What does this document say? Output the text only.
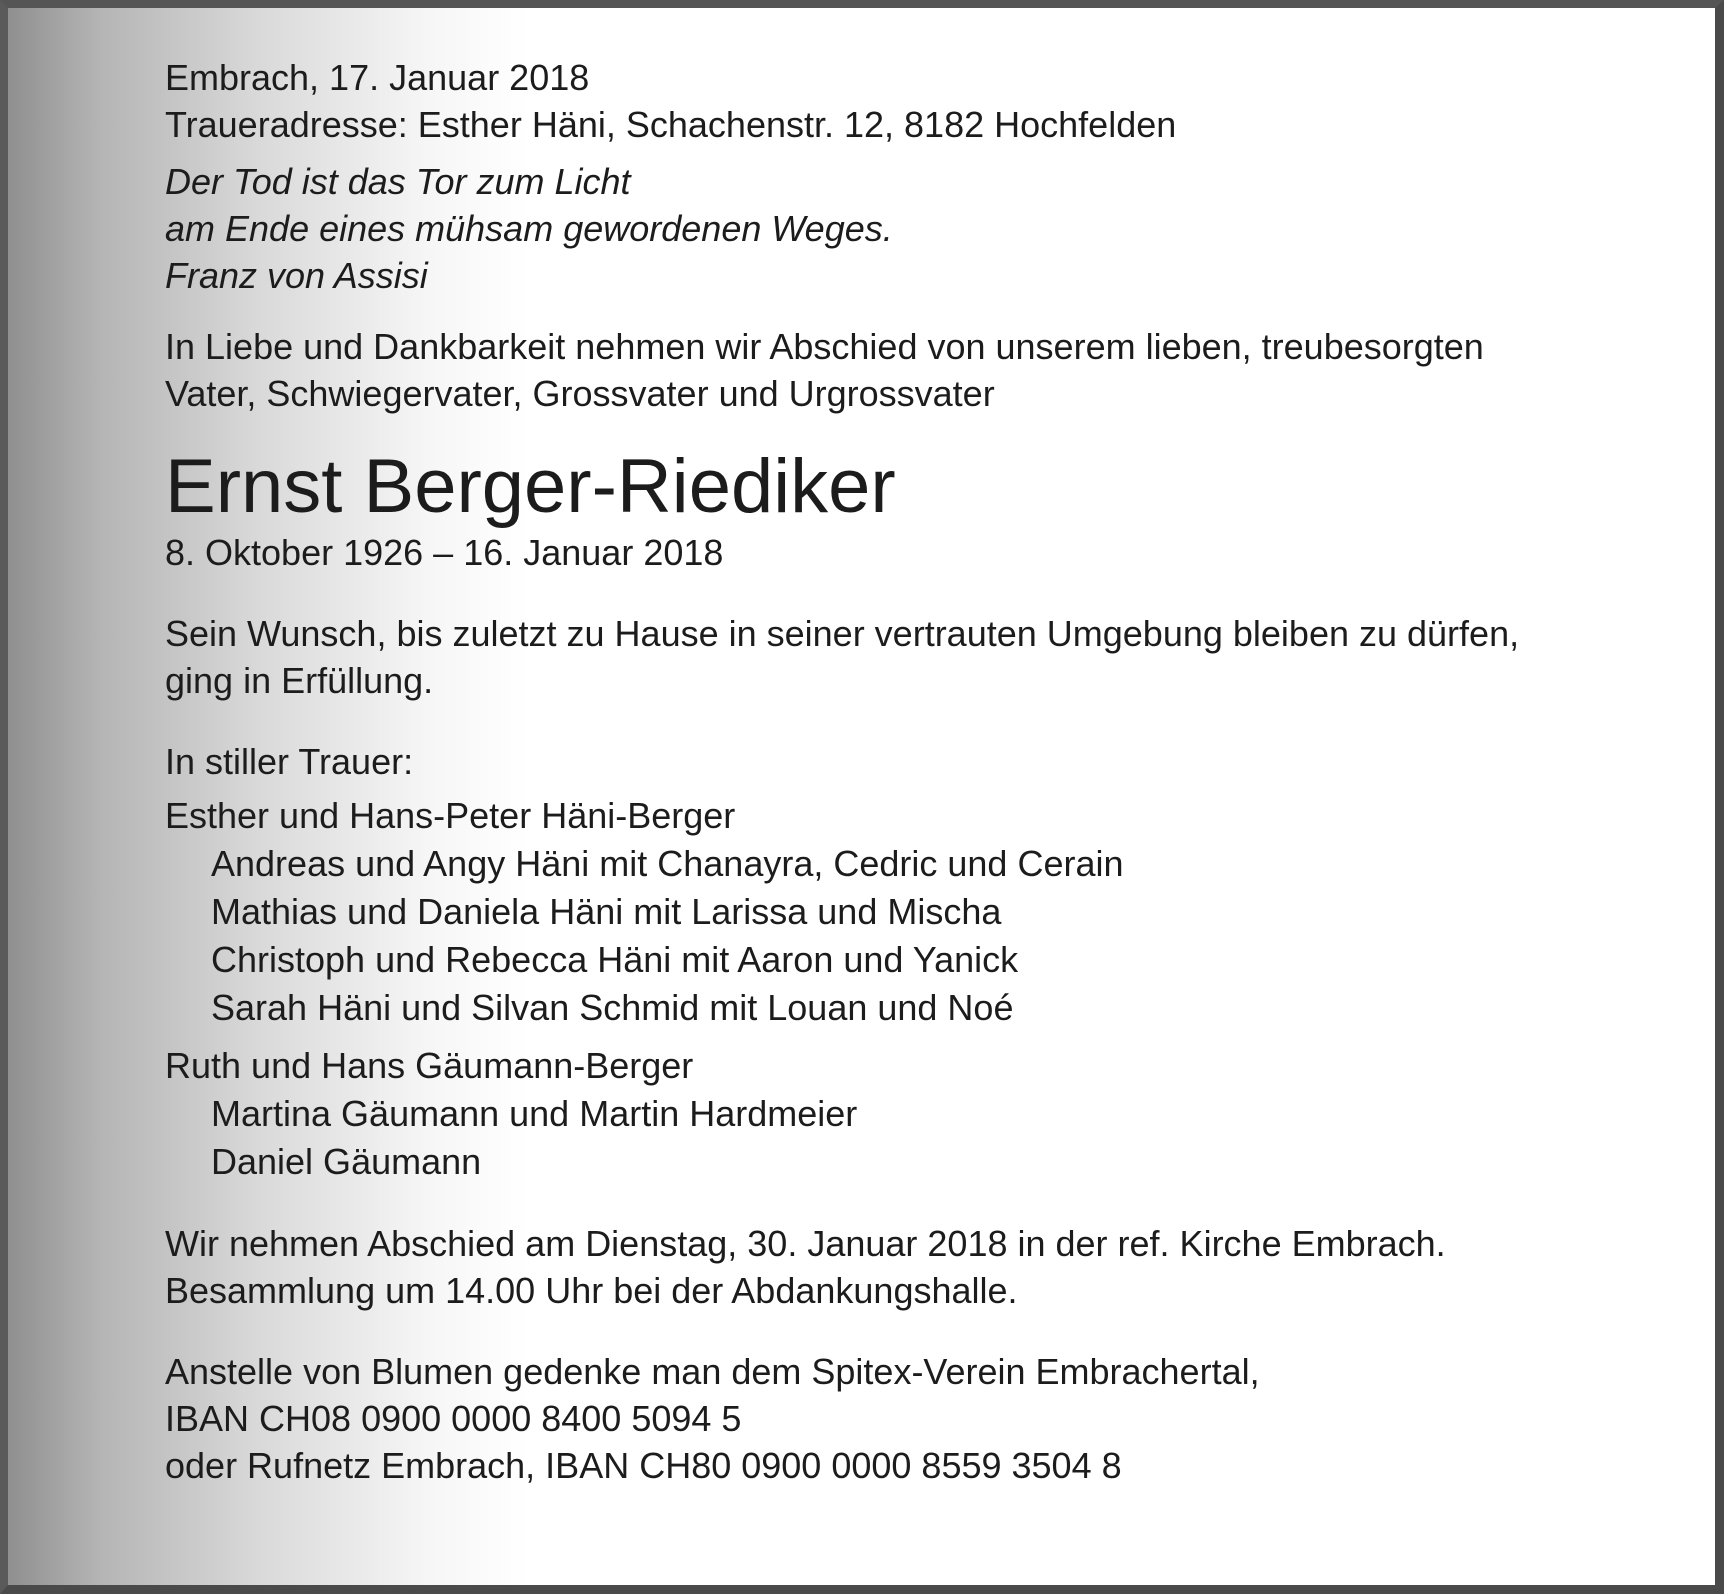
Embrach, 17. Januar 2018
Traueradresse: Esther Häni, Schachenstr. 12, 8182 Hochfelden
Der Tod ist das Tor zum Licht
am Ende eines mühsam gewordenen Weges.
Franz von Assisi
In Liebe und Dankbarkeit nehmen wir Abschied von unserem lieben, treubesorgten
Vater, Schwiegervater, Grossvater und Urgrossvater
Ernst Berger-Riediker
8. Oktober 1926 – 16. Januar 2018
Sein Wunsch, bis zuletzt zu Hause in seiner vertrauten Umgebung bleiben zu dürfen,
ging in Erfüllung.
In stiller Trauer:
Esther und Hans-Peter Häni-Berger
Andreas und Angy Häni mit Chanayra, Cedric und Cerain
Mathias und Daniela Häni mit Larissa und Mischa
Christoph und Rebecca Häni mit Aaron und Yanick
Sarah Häni und Silvan Schmid mit Louan und Noé
Ruth und Hans Gäumann-Berger
Martina Gäumann und Martin Hardmeier
Daniel Gäumann
Wir nehmen Abschied am Dienstag, 30. Januar 2018 in der ref. Kirche Embrach.
Besammlung um 14.00 Uhr bei der Abdankungshalle.
Anstelle von Blumen gedenke man dem Spitex-Verein Embrachertal,
IBAN CH08 0900 0000 8400 5094 5
oder Rufnetz Embrach, IBAN CH80 0900 0000 8559 3504 8
